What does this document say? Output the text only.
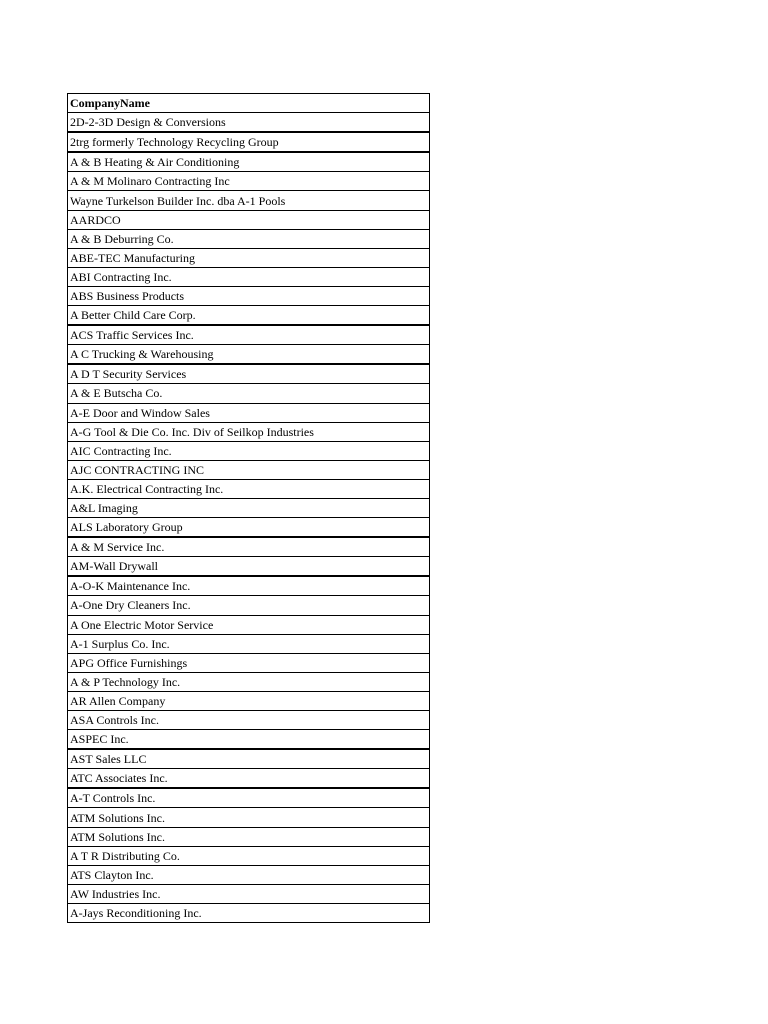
CompanyName
2D-2-3D Design & Conversions
2trg formerly Technology Recycling Group
A & B Heating & Air Conditioning
A & M Molinaro Contracting Inc
Wayne Turkelson Builder Inc. dba A-1 Pools
AARDCO
A & B Deburring Co.
ABE-TEC Manufacturing
ABI Contracting Inc.
ABS Business Products
A Better Child Care Corp.
ACS Traffic Services Inc.
A C Trucking & Warehousing
A D T Security Services
A & E Butscha Co.
A-E Door and Window Sales
A-G Tool & Die Co. Inc. Div of Seilkop Industries
AIC Contracting Inc.
AJC CONTRACTING INC
A.K. Electrical Contracting Inc.
A&L Imaging
ALS Laboratory Group
A & M Service Inc.
AM-Wall Drywall
A-O-K Maintenance Inc.
A-One Dry Cleaners Inc.
A One Electric Motor Service
A-1 Surplus Co. Inc.
APG Office Furnishings
A & P Technology Inc.
AR Allen Company
ASA Controls Inc.
ASPEC Inc.
AST Sales LLC
ATC Associates Inc.
A-T Controls Inc.
ATM Solutions Inc.
ATM Solutions Inc.
A T R Distributing Co.
ATS Clayton Inc.
AW Industries Inc.
A-Jays Reconditioning Inc.
